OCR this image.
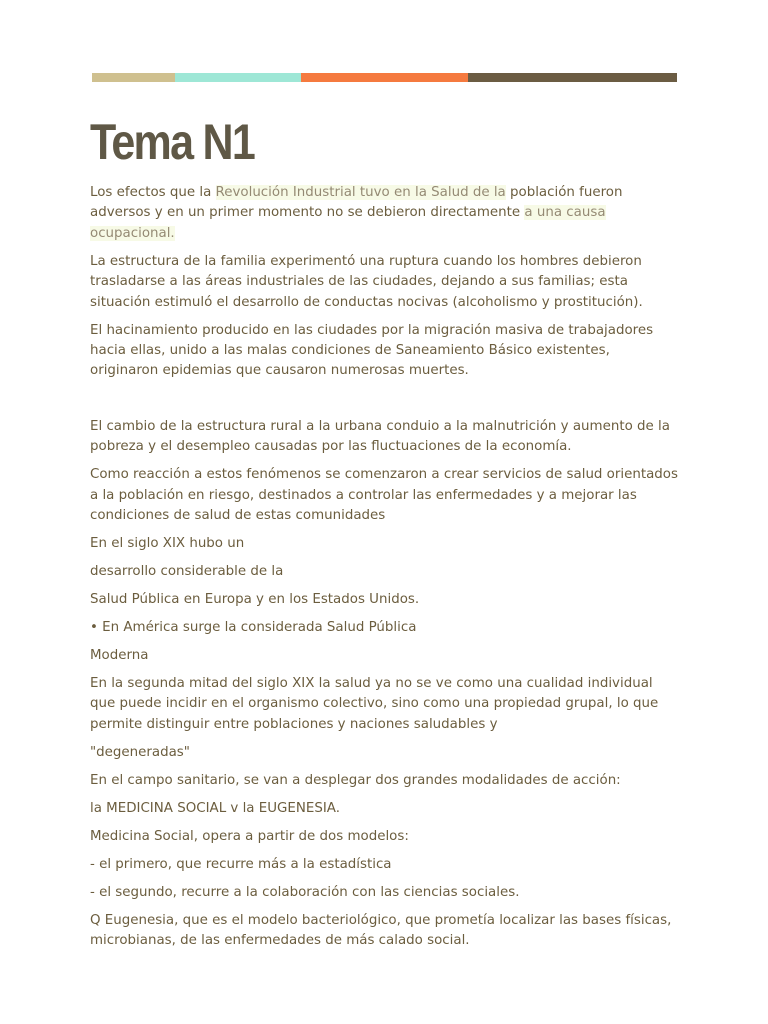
Tema N1

Los efectos que la Revolución Industrial tuvo en la Salud de la población fueron adversos y en un primer momento no se debieron directamente a una causa ocupacional.

La estructura de la familia experimentó una ruptura cuando los hombres debieron trasladarse a las áreas industriales de las ciudades, dejando a sus familias; esta situación estimuló el desarrollo de conductas nocivas (alcoholismo y prostitución).

El hacinamiento producido en las ciudades por la migración masiva de trabajadores hacia ellas, unido a las malas condiciones de Saneamiento Básico existentes, originaron epidemias que causaron numerosas muertes.

El cambio de la estructura rural a la urbana conduio a la malnutrición y aumento de la pobreza y el desempleo causadas por las fluctuaciones de la economía.

Como reacción a estos fenómenos se comenzaron a crear servicios de salud orientados a la población en riesgo, destinados a controlar las enfermedades y a mejorar las condiciones de salud de estas comunidades

En el siglo XIX hubo un

desarrollo considerable de la

Salud Pública en Europa y en los Estados Unidos.

• En América surge la considerada Salud Pública

Moderna

En la segunda mitad del siglo XIX la salud ya no se ve como una cualidad individual que puede incidir en el organismo colectivo, sino como una propiedad grupal, lo que permite distinguir entre poblaciones y naciones saludables y

"degeneradas"

En el campo sanitario, se van a desplegar dos grandes modalidades de acción:

la MEDICINA SOCIAL v la EUGENESIA.

Medicina Social, opera a partir de dos modelos:

- el primero, que recurre más a la estadística

- el segundo, recurre a la colaboración con las ciencias sociales.

Q Eugenesia, que es el modelo bacteriológico, que prometía localizar las bases físicas, microbianas, de las enfermedades de más calado social.
